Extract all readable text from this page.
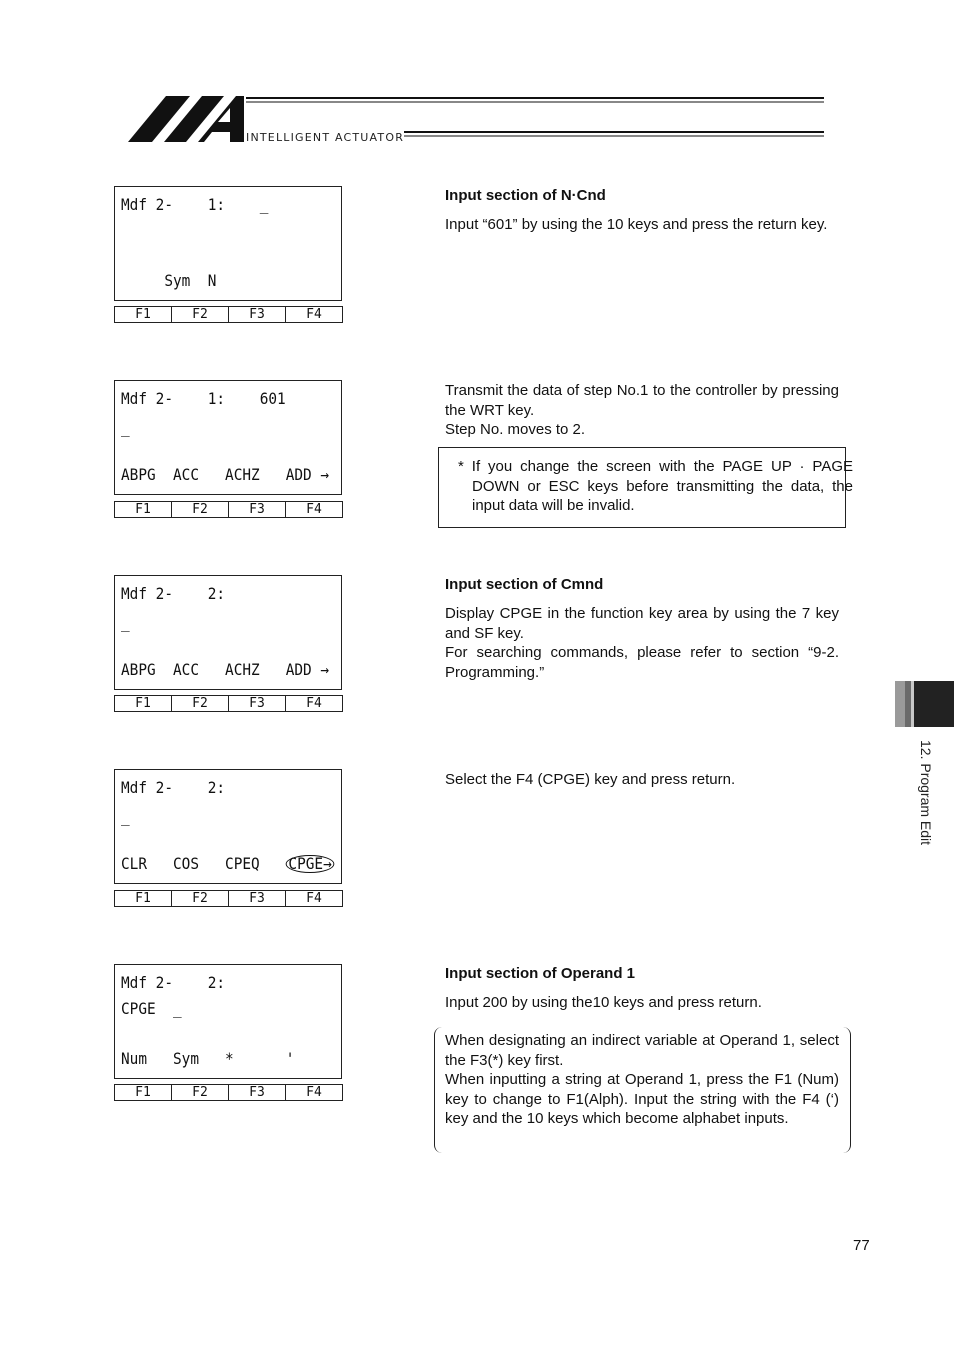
INTELLIGENT ACTUATOR
Mdf 2-    1:    _
Sym  N
F1	F2	F3	F4
Mdf 2-    1:    601
_
ABPG  ACC   ACHZ   ADD →
F1	F2	F3	F4
Mdf 2-    2:
_
ABPG  ACC   ACHZ   ADD →
F1	F2	F3	F4
Mdf 2-    2:
_
CLR   COS   CPEQ   CPGE→
F1	F2	F3	F4
Mdf 2-    2:
CPGE  _
Num   Sym   *      '
F1	F2	F3	F4
Input section of N·Cnd
Input “601” by using the 10 keys and press the return key.
Transmit the data of step No.1 to the controller by pressing the WRT key.
Step No. moves to 2.
* If you change the screen with the PAGE UP · PAGE DOWN or ESC keys before transmitting the data, the input data will be invalid.
Input section of Cmnd
Display CPGE in the function key area by using the 7 key and SF key.
For searching commands, please refer to section “9-2. Programming.”
Select the F4 (CPGE) key and press return.
Input section of Operand 1
Input 200 by using the10 keys and press return.
When designating an indirect variable at Operand 1, select the F3(*) key first.
When inputting a string at Operand 1, press the F1 (Num) key to change to F1(Alph). Input the string with the F4 (‘) key and the 10 keys which become alphabet inputs.
12. Program Edit
77
